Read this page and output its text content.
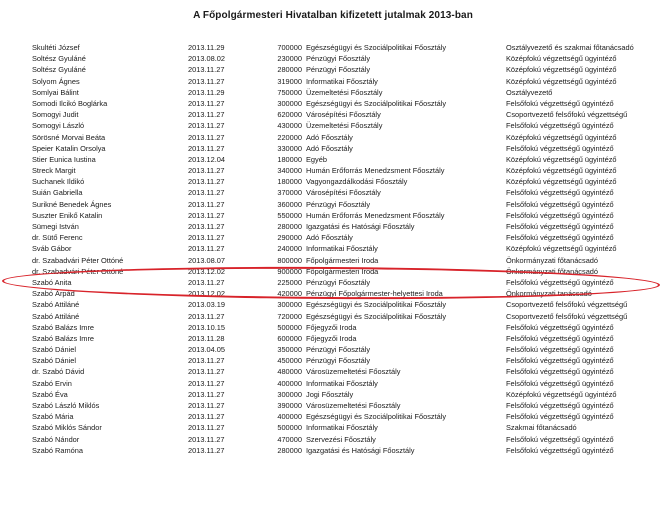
A Főpolgármesteri Hivatalban kifizetett jutalmak 2013-ban
Skultéti József	2013.11.29	700000 Egészségügyi és Szociálpolitikai Főosztály	Osztályvezető és szakmai főtanácsadó
Soltész Gyuláné	2013.08.02	230000 Pénzügyi Főosztály	Középfokú végzettségű ügyintéző
Soltész Gyuláné	2013.11.27	280000 Pénzügyi Főosztály	Középfokú végzettségű ügyintéző
Solyom Ágnes	2013.11.27	319000 Informatikai Főosztály	Középfokú végzettségű ügyintéző
Somlyai Bálint	2013.11.29	750000 Üzemeltetési Főosztály	Osztályvezető
Somodi Ilcikó Boglárka	2013.11.27	300000 Egészségügyi és Szociálpolitikai Főosztály	Felsőfokú végzettségű ügyintéző
Somogyi Judit	2013.11.27	620000 Városépítési Főosztály	Csoportvezető felsőfokú végzettségű
Somogyi László	2013.11.27	430000 Üzemeltetési Főosztály	Felsőfokú végzettségű ügyintéző
Sörösné Morvai Beáta	2013.11.27	220000 Adó Főosztály	Középfokú végzettségű ügyintéző
Speier Katalin Orsolya	2013.11.27	330000 Adó Főosztály	Felsőfokú végzettségű ügyintéző
Stier Eunica Iustina	2013.12.04	180000 Egyéb	Középfokú végzettségű ügyintéző
Streck Margit	2013.11.27	340000 Humán Erőforrás Menedzsment Főosztály	Középfokú végzettségű ügyintéző
Suchanek Ildikó	2013.11.27	180000 Vagyongazdálkodási Főosztály	Középfokú végzettségű ügyintéző
Suián Gabriella	2013.11.27	370000 Városépítési Főosztály	Felsőfokú végzettségű ügyintéző
Surikné Benedek Ágnes	2013.11.27	360000 Pénzügyi Főosztály	Felsőfokú végzettségű ügyintéző
Suszter Enikő Katalin	2013.11.27	550000 Humán Erőforrás Menedzsment Főosztály	Felsőfokú végzettségű ügyintéző
Sümegi István	2013.11.27	280000 Igazgatási és Hatósági Főosztály	Felsőfokú végzettségű ügyintéző
dr. Sütő Ferenc	2013.11.27	290000 Adó Főosztály	Felsőfokú végzettségű ügyintéző
Sváb Gábor	2013.11.27	240000 Informatikai Főosztály	Középfokú végzettségű ügyintéző
dr. Szabadvári Péter Ottóné	2013.08.07	800000 Főpolgármesteri Iroda	Önkormányzati főtanácsadó
dr. Szabadvári Péter Ottóné	2013.12.02	900000 Főpolgármesteri Iroda	Önkormányzati főtanácsadó
Szabó Anita	2013.11.27	225000 Pénzügyi Főosztály	Felsőfokú végzettségű ügyintéző
Szabó Árpád	2013.12.02	420000 Pénzügyi Főpolgármester-helyettesi Iroda	Önkormányzati tanácsadó
Szabó Attiláné	2013.03.19	300000 Egészségügyi és Szociálpolitikai Főosztály	Csoportvezető felsőfokú végzettségű
Szabó Attiláné	2013.11.27	720000 Egészségügyi és Szociálpolitikai Főosztály	Csoportvezető felsőfokú végzettségű
Szabó Balázs Imre	2013.10.15	500000 Főjegyzői Iroda	Felsőfokú végzettségű ügyintéző
Szabó Balázs Imre	2013.11.28	600000 Főjegyzői Iroda	Felsőfokú végzettségű ügyintéző
Szabó Dániel	2013.04.05	350000 Pénzügyi Főosztály	Felsőfokú végzettségű ügyintéző
Szabó Dániel	2013.11.27	450000 Pénzügyi Főosztály	Felsőfokú végzettségű ügyintéző
dr. Szabó Dávid	2013.11.27	480000 Városüzemeltetési Főosztály	Felsőfokú végzettségű ügyintéző
Szabó Ervin	2013.11.27	400000 Informatikai Főosztály	Felsőfokú végzettségű ügyintéző
Szabó Éva	2013.11.27	300000 Jogi Főosztály	Középfokú végzettségű ügyintéző
Szabó László Miklós	2013.11.27	390000 Városüzemeltetési Főosztály	Felsőfokú végzettségű ügyintéző
Szabó Mária	2013.11.27	400000 Egészségügyi és Szociálpolitikai Főosztály	Felsőfokú végzettségű ügyintéző
Szabó Miklós Sándor	2013.11.27	500000 Informatikai Főosztály	Szakmai főtanácsadó
Szabó Nándor	2013.11.27	470000 Szervezési Főosztály	Felsőfokú végzettségű ügyintéző
Szabó Ramóna	2013.11.27	280000 Igazgatási és Hatósági Főosztály	Felsőfokú végzettségű ügyintéző
